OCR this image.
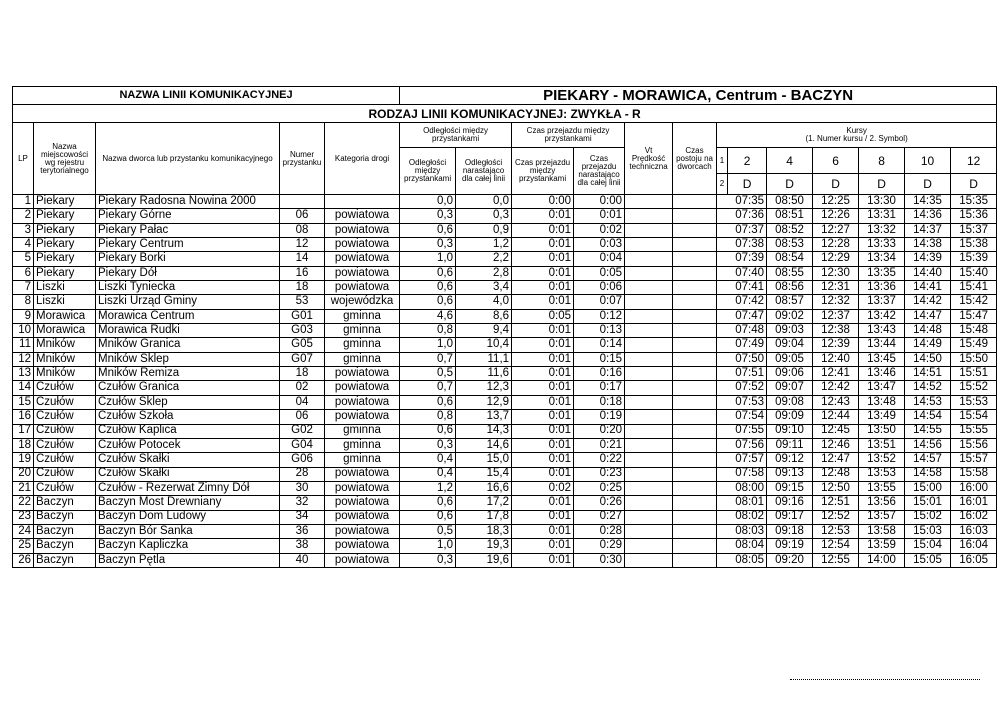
NAZWA LINII KOMUNIKACYJNEJ					PIEKARY - MORAWICA, Centrum - BACZYN												
RODZAJ LINII KOMUNIKACYJNEJ: ZWYKŁA - R																	
LP	Nazwa miejscowości wg rejestru terytorialnego	Nazwa dworca lub przystanku komunikacyjnego	Numer przystanku	Kategoria drogi	Odległości między przystankami		Czas przejazdu między przystankami		Vt Prędkość techniczna	Czas postoju na dworcach	Kursy
(1. Numer kursu / 2. Symbol)						
					Odległości między przystankami	Odległości narastająco dla całej linii	Czas przejazdu między przystankami	Czas przejazdu narastająco dla całej linii			1	2	4	6	8	10	12
											2	D	D	D	D	D	D
1	Piekary	Piekary Radosna Nowina 2000			0,0	0,0	0:00	0:00			07:35		08:50	12:25	13:30	14:35	15:35
2	Piekary	Piekary Górne	06	powiatowa	0,3	0,3	0:01	0:01			07:36		08:51	12:26	13:31	14:36	15:36
3	Piekary	Piekary Pałac	08	powiatowa	0,6	0,9	0:01	0:02			07:37		08:52	12:27	13:32	14:37	15:37
4	Piekary	Piekary Centrum	12	powiatowa	0,3	1,2	0:01	0:03			07:38		08:53	12:28	13:33	14:38	15:38
5	Piekary	Piekary Borki	14	powiatowa	1,0	2,2	0:01	0:04			07:39		08:54	12:29	13:34	14:39	15:39
6	Piekary	Piekary Dół	16	powiatowa	0,6	2,8	0:01	0:05			07:40		08:55	12:30	13:35	14:40	15:40
7	Liszki	Liszki Tyniecka	18	powiatowa	0,6	3,4	0:01	0:06			07:41		08:56	12:31	13:36	14:41	15:41
8	Liszki	Liszki Urząd Gminy	53	wojewódzka	0,6	4,0	0:01	0:07			07:42		08:57	12:32	13:37	14:42	15:42
9	Morawica	Morawica Centrum	G01	gminna	4,6	8,6	0:05	0:12			07:47		09:02	12:37	13:42	14:47	15:47
10	Morawica	Morawica Rudki	G03	gminna	0,8	9,4	0:01	0:13			07:48		09:03	12:38	13:43	14:48	15:48
11	Mników	Mników Granica	G05	gminna	1,0	10,4	0:01	0:14			07:49		09:04	12:39	13:44	14:49	15:49
12	Mników	Mników Sklep	G07	gminna	0,7	11,1	0:01	0:15			07:50		09:05	12:40	13:45	14:50	15:50
13	Mników	Mników Remiza	18	powiatowa	0,5	11,6	0:01	0:16			07:51		09:06	12:41	13:46	14:51	15:51
14	Czułów	Czułów Granica	02	powiatowa	0,7	12,3	0:01	0:17			07:52		09:07	12:42	13:47	14:52	15:52
15	Czułów	Czułów Sklep	04	powiatowa	0,6	12,9	0:01	0:18			07:53		09:08	12:43	13:48	14:53	15:53
16	Czułów	Czułów Szkoła	06	powiatowa	0,8	13,7	0:01	0:19			07:54		09:09	12:44	13:49	14:54	15:54
17	Czułów	Czułów Kaplica	G02	gminna	0,6	14,3	0:01	0:20			07:55		09:10	12:45	13:50	14:55	15:55
18	Czułów	Czułów Potocek	G04	gminna	0,3	14,6	0:01	0:21			07:56		09:11	12:46	13:51	14:56	15:56
19	Czułów	Czułów Skałki	G06	gminna	0,4	15,0	0:01	0:22			07:57		09:12	12:47	13:52	14:57	15:57
20	Czułów	Czułów Skałki	28	powiatowa	0,4	15,4	0:01	0:23			07:58		09:13	12:48	13:53	14:58	15:58
21	Czułów	Czułów - Rezerwat Zimny Dół	30	powiatowa	1,2	16,6	0:02	0:25			08:00		09:15	12:50	13:55	15:00	16:00
22	Baczyn	Baczyn Most Drewniany	32	powiatowa	0,6	17,2	0:01	0:26			08:01		09:16	12:51	13:56	15:01	16:01
23	Baczyn	Baczyn Dom Ludowy	34	powiatowa	0,6	17,8	0:01	0:27			08:02		09:17	12:52	13:57	15:02	16:02
24	Baczyn	Baczyn Bór Sanka	36	powiatowa	0,5	18,3	0:01	0:28			08:03		09:18	12:53	13:58	15:03	16:03
25	Baczyn	Baczyn Kapliczka	38	powiatowa	1,0	19,3	0:01	0:29			08:04		09:19	12:54	13:59	15:04	16:04
26	Baczyn	Baczyn Pętla	40	powiatowa	0,3	19,6	0:01	0:30			08:05		09:20	12:55	14:00	15:05	16:05
